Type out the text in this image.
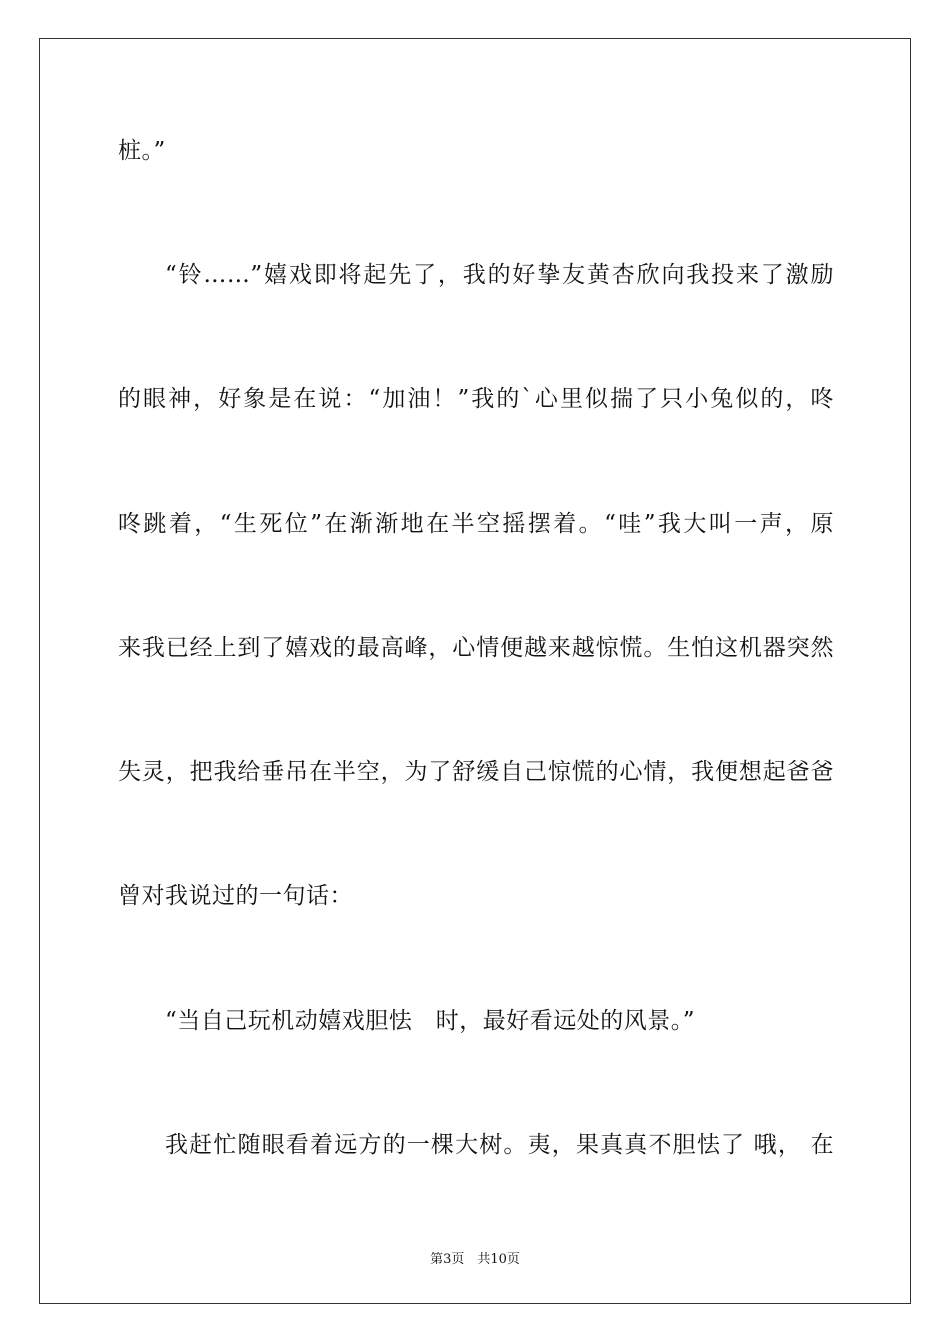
桩。”
“铃……”嬉戏即将起先了，我的好挚友黄杏欣向我投来了激励
的眼神，好象是在说：“加油！”我的`心里似揣了只小兔似的，咚
咚跳着，“生死位”在渐渐地在半空摇摆着。“哇”我大叫一声，原
来我已经上到了嬉戏的最高峰，心情便越来越惊慌。生怕这机器突然
失灵，把我给垂吊在半空，为了舒缓自己惊慌的心情，我便想起爸爸
曾对我说过的一句话：
“当自己玩机动嬉戏胆怯　时，最好看远处的风景。”
我赶忙随眼看着远方的一棵大树。夷，果真真不胆怯了 哦， 在
第3页　共10页
